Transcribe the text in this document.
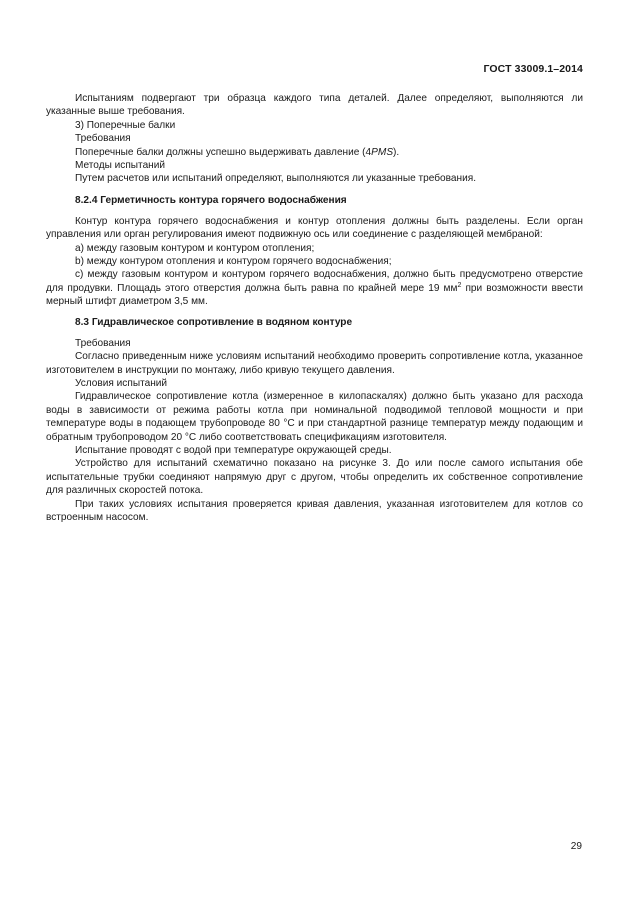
ГОСТ 33009.1–2014

Испытаниям подвергают три образца каждого типа деталей. Далее определяют, выполняются ли указанные выше требования.

3) Поперечные балки

Требования

Поперечные балки должны успешно выдерживать давление (4PMS).

Методы испытаний

Путем расчетов или испытаний определяют, выполняются ли указанные требования.

8.2.4 Герметичность контура горячего водоснабжения

Контур контура горячего водоснабжения и контур отопления должны быть разделены. Если орган управления или орган регулирования имеют подвижную ось или соединение с разделяющей мембраной:

a) между газовым контуром и контуром отопления;

b) между контуром отопления и контуром горячего водоснабжения;

c) между газовым контуром и контуром горячего водоснабжения, должно быть предусмотрено отверстие для продувки. Площадь этого отверстия должна быть равна по крайней мере 19 $мм^2$ при возможности ввести мерный штифт диаметром 3,5 мм.

8.3 Гидравлическое сопротивление в водяном контуре

Требования

Согласно приведенным ниже условиям испытаний необходимо проверить сопротивление котла, указанное изготовителем в инструкции по монтажу, либо кривую текущего давления.

Условия испытаний

Гидравлическое сопротивление котла (измеренное в килопаскалях) должно быть указано для расхода воды в зависимости от режима работы котла при номинальной подводимой тепловой мощности и при температуре воды в подающем трубопроводе 80 °С и при стандартной разнице температур между подающим и обратным трубопроводом 20 °С либо соответствовать спецификациям изготовителя.

Испытание проводят с водой при температуре окружающей среды.

Устройство для испытаний схематично показано на рисунке 3. До или после самого испытания обе испытательные трубки соединяют напрямую друг с другом, чтобы определить их собственное сопротивление для различных скоростей потока.

При таких условиях испытания проверяется кривая давления, указанная изготовителем для котлов со встроенным насосом.

29
